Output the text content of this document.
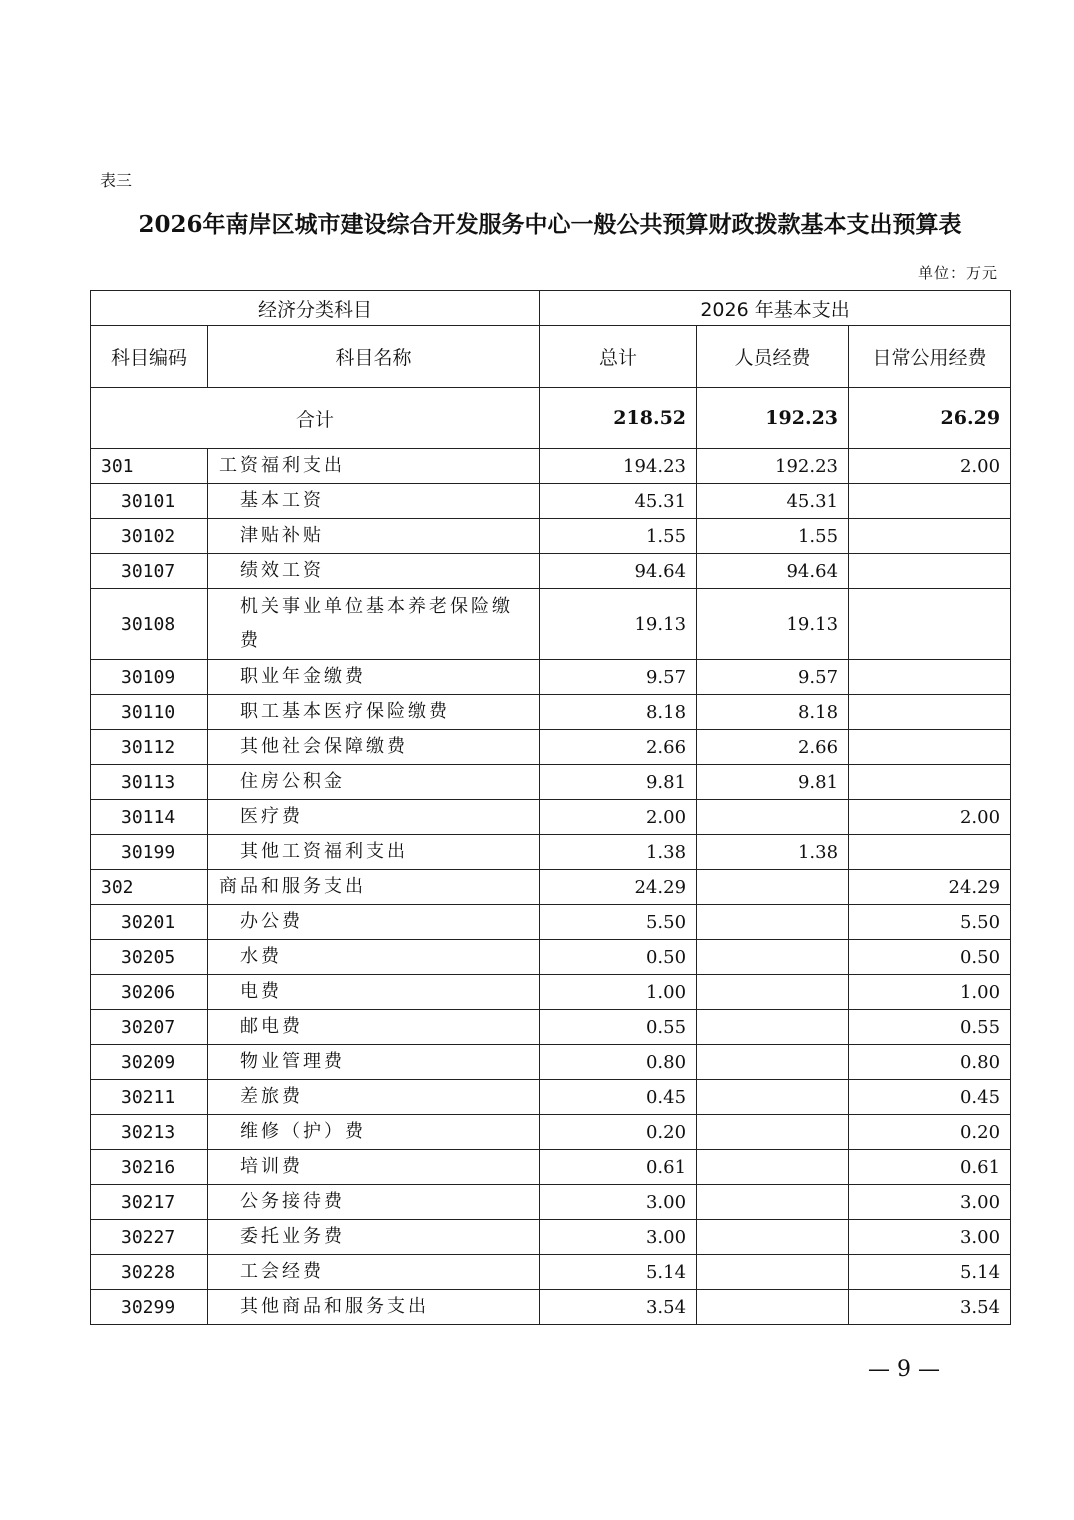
表三
2026年南岸区城市建设综合开发服务中心一般公共预算财政拨款基本支出预算表
单位：万元
经济分类科目		2026 年基本支出		
科目编码	科目名称	总计	人员经费	日常公用经费
合计		218.52	192.23	26.29
301	工资福利支出	194.23	192.23	2.00
30101	基本工资	45.31	45.31	
30102	津贴补贴	1.55	1.55	
30107	绩效工资	94.64	94.64	
30108	机关事业单位基本养老保险缴费	19.13	19.13	
30109	职业年金缴费	9.57	9.57	
30110	职工基本医疗保险缴费	8.18	8.18	
30112	其他社会保障缴费	2.66	2.66	
30113	住房公积金	9.81	9.81	
30114	医疗费	2.00		2.00
30199	其他工资福利支出	1.38	1.38	
302	商品和服务支出	24.29		24.29
30201	办公费	5.50		5.50
30205	水费	0.50		0.50
30206	电费	1.00		1.00
30207	邮电费	0.55		0.55
30209	物业管理费	0.80		0.80
30211	差旅费	0.45		0.45
30213	维修（护）费	0.20		0.20
30216	培训费	0.61		0.61
30217	公务接待费	3.00		3.00
30227	委托业务费	3.00		3.00
30228	工会经费	5.14		5.14
30299	其他商品和服务支出	3.54		3.54
— 9 —
